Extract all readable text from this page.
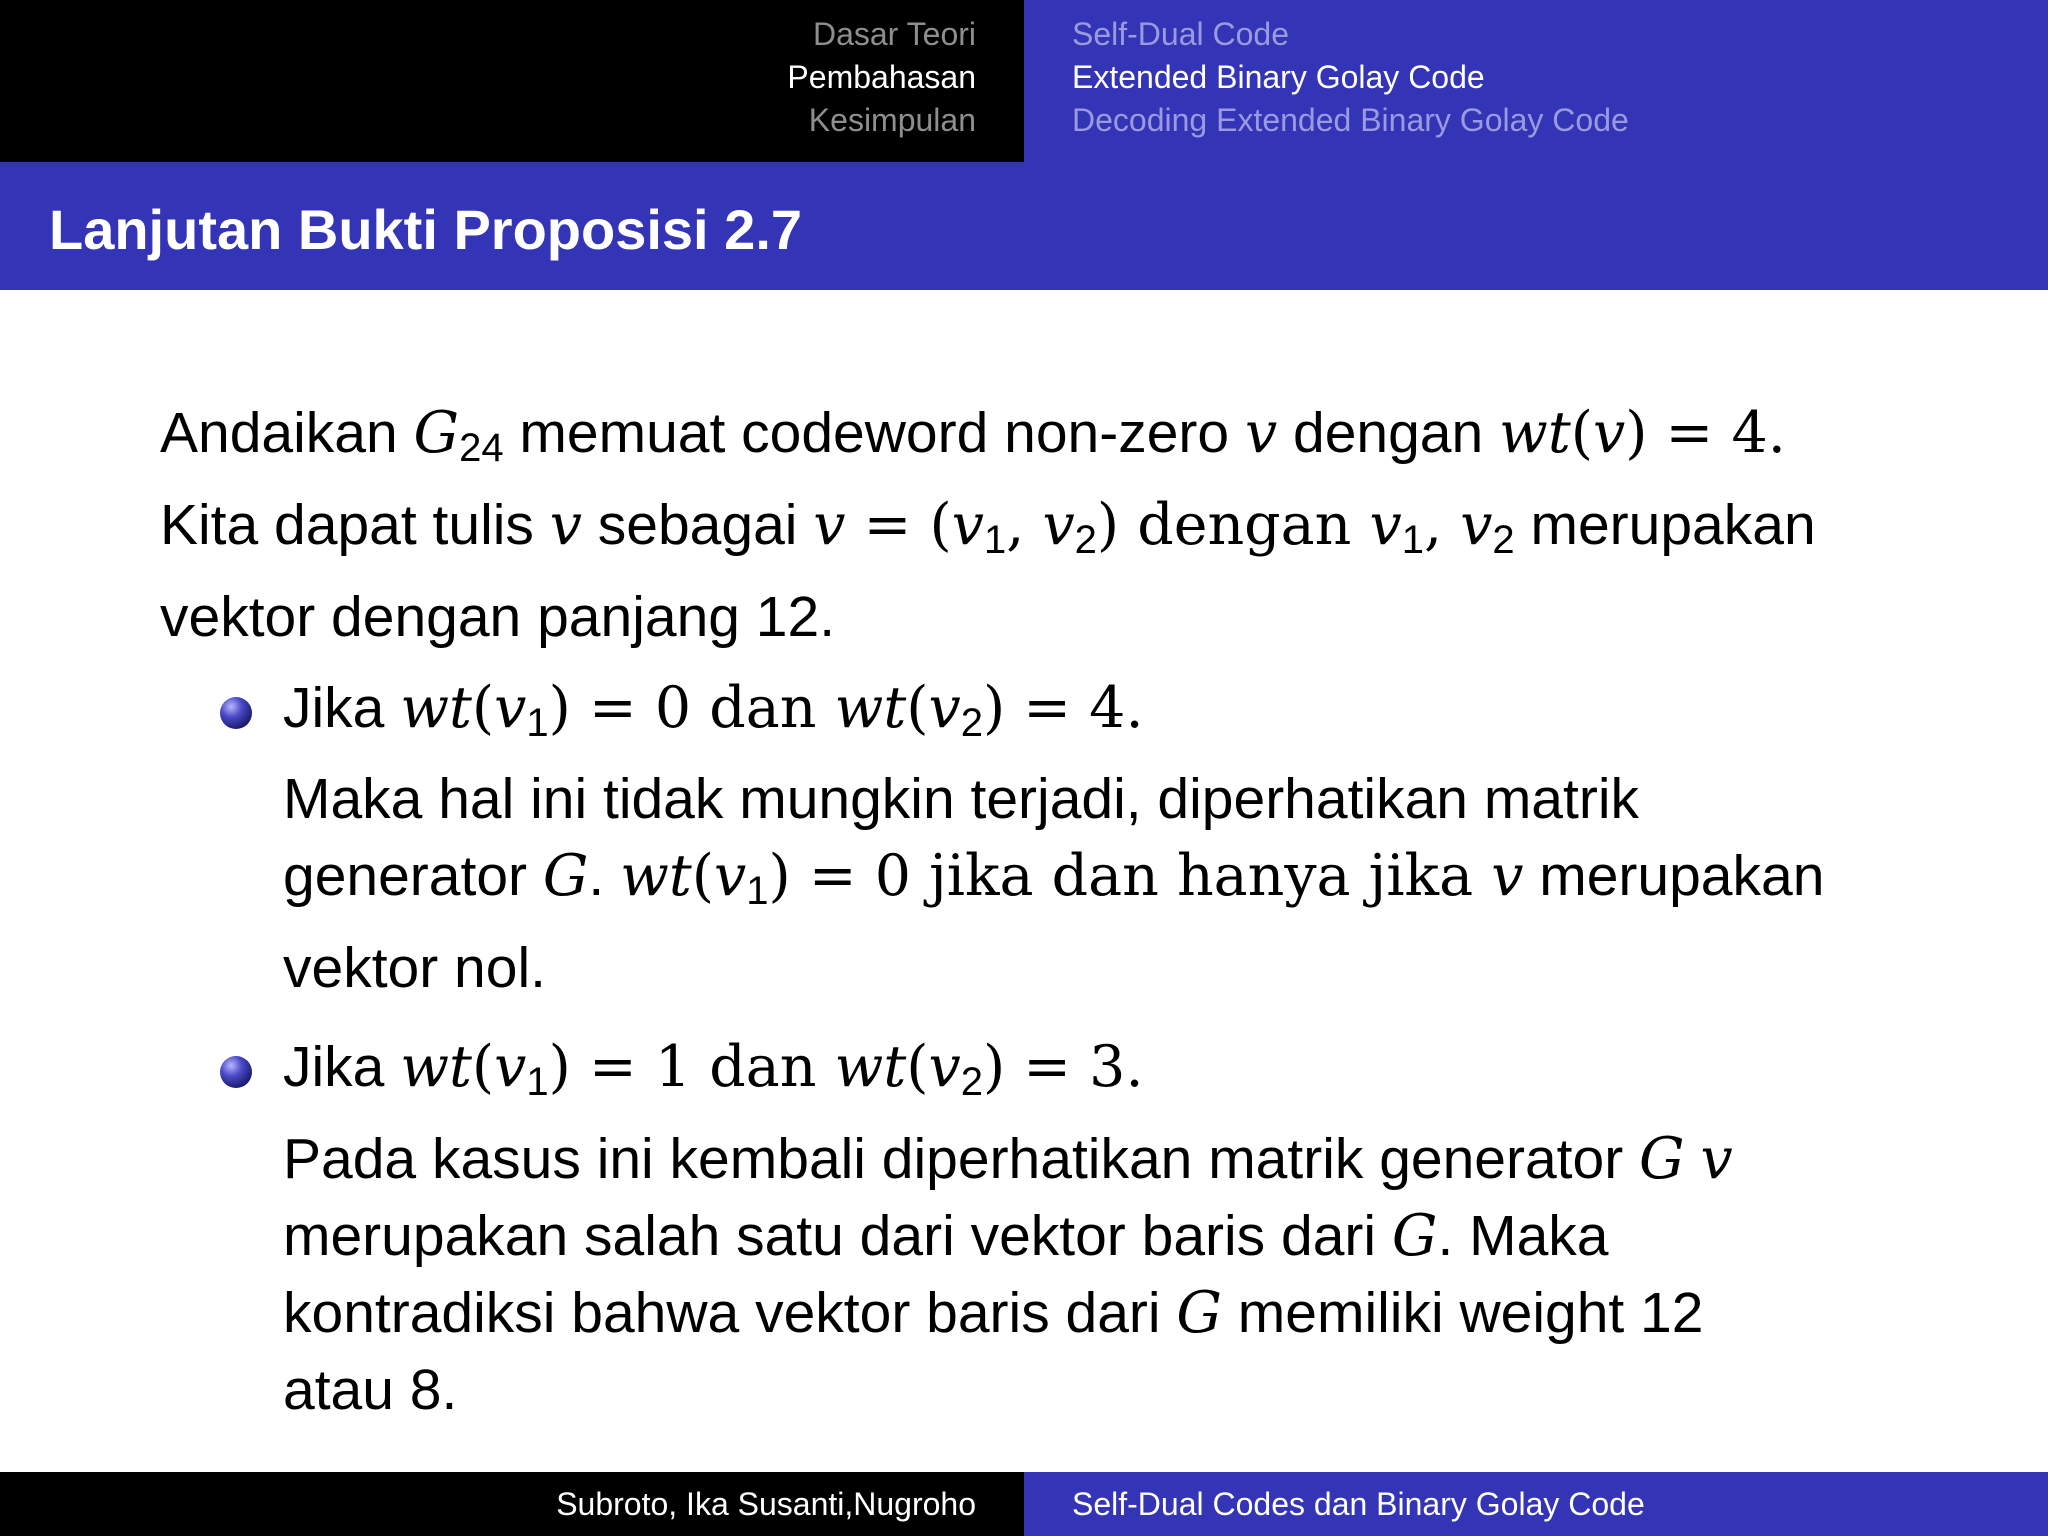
Dasar Teori
Pembahasan
Kesimpulan
Self-Dual Code
Extended Binary Golay Code
Decoding Extended Binary Golay Code
Lanjutan Bukti Proposisi 2.7
Andaikan $G_{24}$ memuat codeword non-zero v dengan wt(v) = 4.
Kita dapat tulis v sebagai $v = (v_1$, $v_2$) dengan $v_1$, $v_2$ merupakan
vektor dengan panjang 12.
Jika $wt(v_1) = 0$ dan $wt(v_2) = 4$.
Maka hal ini tidak mungkin terjadi, diperhatikan matrik
generator G. $wt(v_1) = 0$ jika dan hanya jika v merupakan
vektor nol.
Jika $wt(v_1) = 1$ dan $wt(v_2) = 3$.
Pada kasus ini kembali diperhatikan matrik generator G v
merupakan salah satu dari vektor baris dari G. Maka
kontradiksi bahwa vektor baris dari G memiliki weight 12
atau 8.
Subroto, Ika Susanti,Nugroho	Self-Dual Codes dan Binary Golay Code
